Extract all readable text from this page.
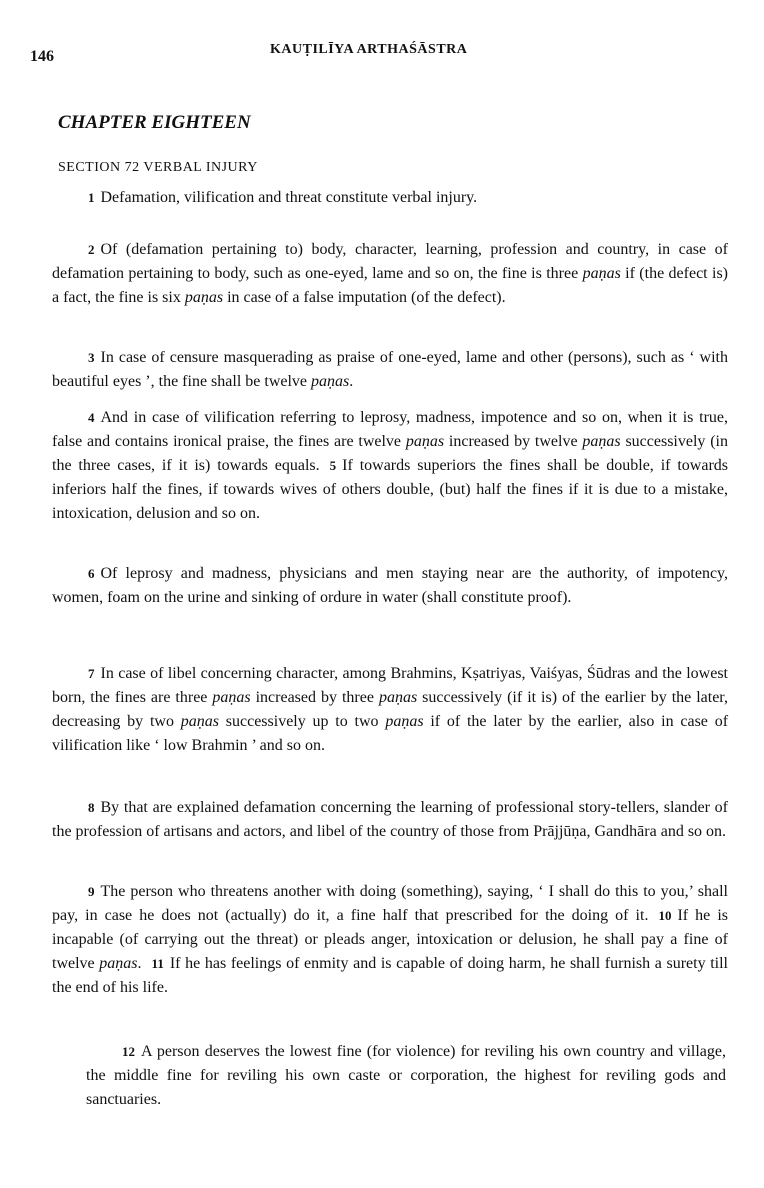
146	KAUṬILĪYA ARTHAŚĀSTRA
CHAPTER EIGHTEEN
SECTION 72 VERBAL INJURY

1 Defamation, vilification and threat constitute verbal injury.

2 Of (defamation pertaining to) body, character, learning, profession and country, in case of defamation pertaining to body, such as one-eyed, lame and so on, the fine is three paṇas if (the defect is) a fact, the fine is six paṇas in case of a false imputation (of the defect).

3 In case of censure masquerading as praise of one-eyed, lame and other (persons), such as ‘ with beautiful eyes ’, the fine shall be twelve paṇas.

4 And in case of vilification referring to leprosy, madness, impotence and so on, when it is true, false and contains ironical praise, the fines are twelve paṇas increased by twelve paṇas successively (in the three cases, if it is) towards equals. 5 If towards superiors the fines shall be double, if towards inferiors half the fines, if towards wives of others double, (but) half the fines if it is due to a mistake, intoxication, delusion and so on.

6 Of leprosy and madness, physicians and men staying near are the authority, of impotency, women, foam on the urine and sinking of ordure in water (shall constitute proof).

7 In case of libel concerning character, among Brahmins, Kṣatriyas, Vaiśyas, Śūdras and the lowest born, the fines are three paṇas increased by three paṇas successively (if it is) of the earlier by the later, decreasing by two paṇas successively up to two paṇas if of the later by the earlier, also in case of vilification like ‘ low Brahmin ’ and so on.

8 By that are explained defamation concerning the learning of professional story-tellers, slander of the profession of artisans and actors, and libel of the country of those from Prājjūṇa, Gandhāra and so on.

9 The person who threatens another with doing (something), saying, ‘ I shall do this to you,’ shall pay, in case he does not (actually) do it, a fine half that prescribed for the doing of it. 10 If he is incapable (of carrying out the threat) or pleads anger, intoxication or delusion, he shall pay a fine of twelve paṇas. 11 If he has feelings of enmity and is capable of doing harm, he shall furnish a surety till the end of his life.

12 A person deserves the lowest fine (for violence) for reviling his own country and village, the middle fine for reviling his own caste or corporation, the highest for reviling gods and sanctuaries.
